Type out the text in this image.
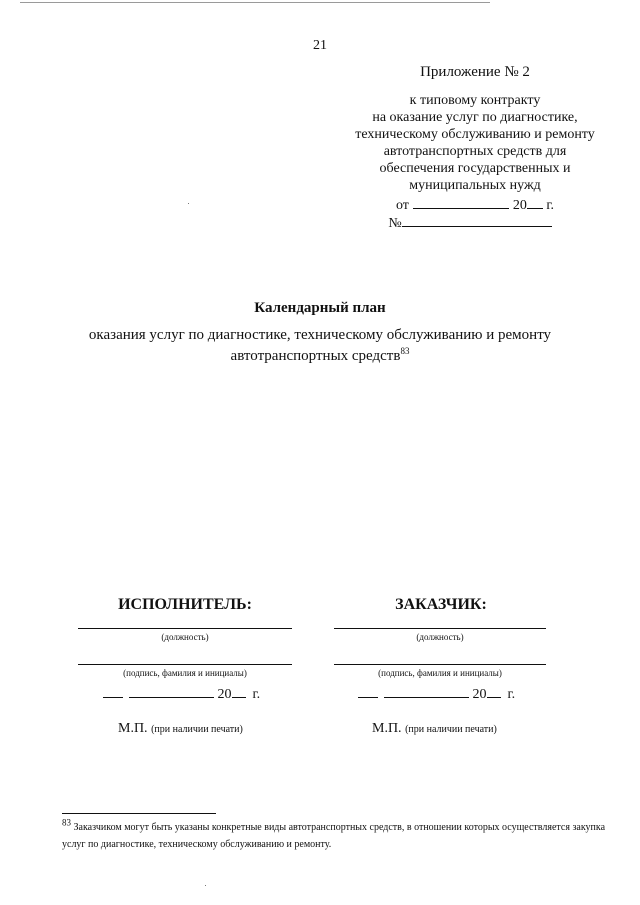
21
Приложение № 2
к типовому контракту
на оказание услуг по диагностике,
техническому обслуживанию и ремонту
автотранспортных средств для
обеспечения государственных и
муниципальных нужд
от	20 г.
№
Календарный план
оказания услуг по диагностике, техническому обслуживанию и ремонту
автотранспортных средств$^{83}$
ИСПОЛНИТЕЛЬ:
(должность)
(подпись, фамилия и инициалы)
20 г.
М.П. (при наличии печати)
ЗАКАЗЧИК:
(должность)
(подпись, фамилия и инициалы)
20 г.
М.П. (при наличии печати)
$^{83}$ Заказчиком могут быть указаны конкретные виды автотранспортных средств, в отношении которых осуществляется закупка услуг по диагностике, техническому обслуживанию и ремонту.
